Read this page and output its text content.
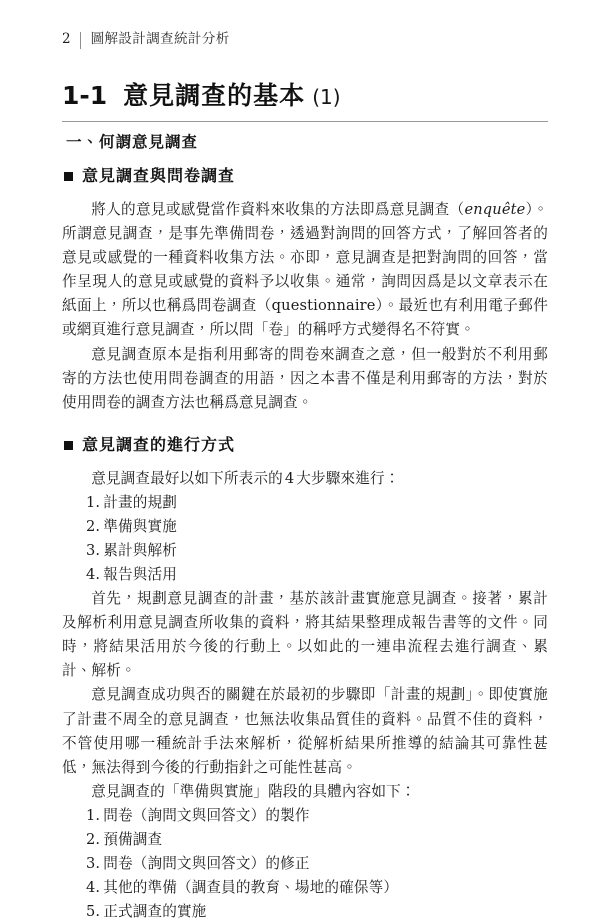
2	圖解設計調查統計分析
1-1 意見調查的基本 (1)
一、何謂意見調查
意見調查與問卷調查

將人的意見或感覺當作資料來收集的方法即爲意見調查（enquête）。所謂意見調查，是事先準備問卷，透過對詢問的回答方式，了解回答者的意見或感覺的一種資料收集方法。亦即，意見調查是把對詢問的回答，當作呈現人的意見或感覺的資料予以收集。通常，詢問因爲是以文章表示在紙面上，所以也稱爲問卷調查（questionnaire）。最近也有利用電子郵件或網頁進行意見調查，所以問「卷」的稱呼方式變得名不符實。

意見調查原本是指利用郵寄的問卷來調查之意，但一般對於不利用郵寄的方法也使用問卷調查的用語，因之本書不僅是利用郵寄的方法，對於使用問卷的調查方法也稱爲意見調查。

意見調查的進行方式

意見調查最好以如下所表示的 4 大步驟來進行：

1. 計畫的規劃
2. 準備與實施
3. 累計與解析
4. 報告與活用

首先，規劃意見調查的計畫，基於該計畫實施意見調查。接著，累計及解析利用意見調查所收集的資料，將其結果整理成報告書等的文件。同時，將結果活用於今後的行動上。以如此的一連串流程去進行調查、累計、解析。

意見調查成功與否的關鍵在於最初的步驟即「計畫的規劃」。即使實施了計畫不周全的意見調查，也無法收集品質佳的資料。品質不佳的資料，不管使用哪一種統計手法來解析，從解析結果所推導的結論其可靠性甚低，無法得到今後的行動指針之可能性甚高。

意見調查的「準備與實施」階段的具體內容如下：

1. 問卷（詢問文與回答文）的製作
2. 預備調查
3. 問卷（詢問文與回答文）的修正
4. 其他的準備（調查員的教育、場地的確保等）
5. 正式調查的實施
